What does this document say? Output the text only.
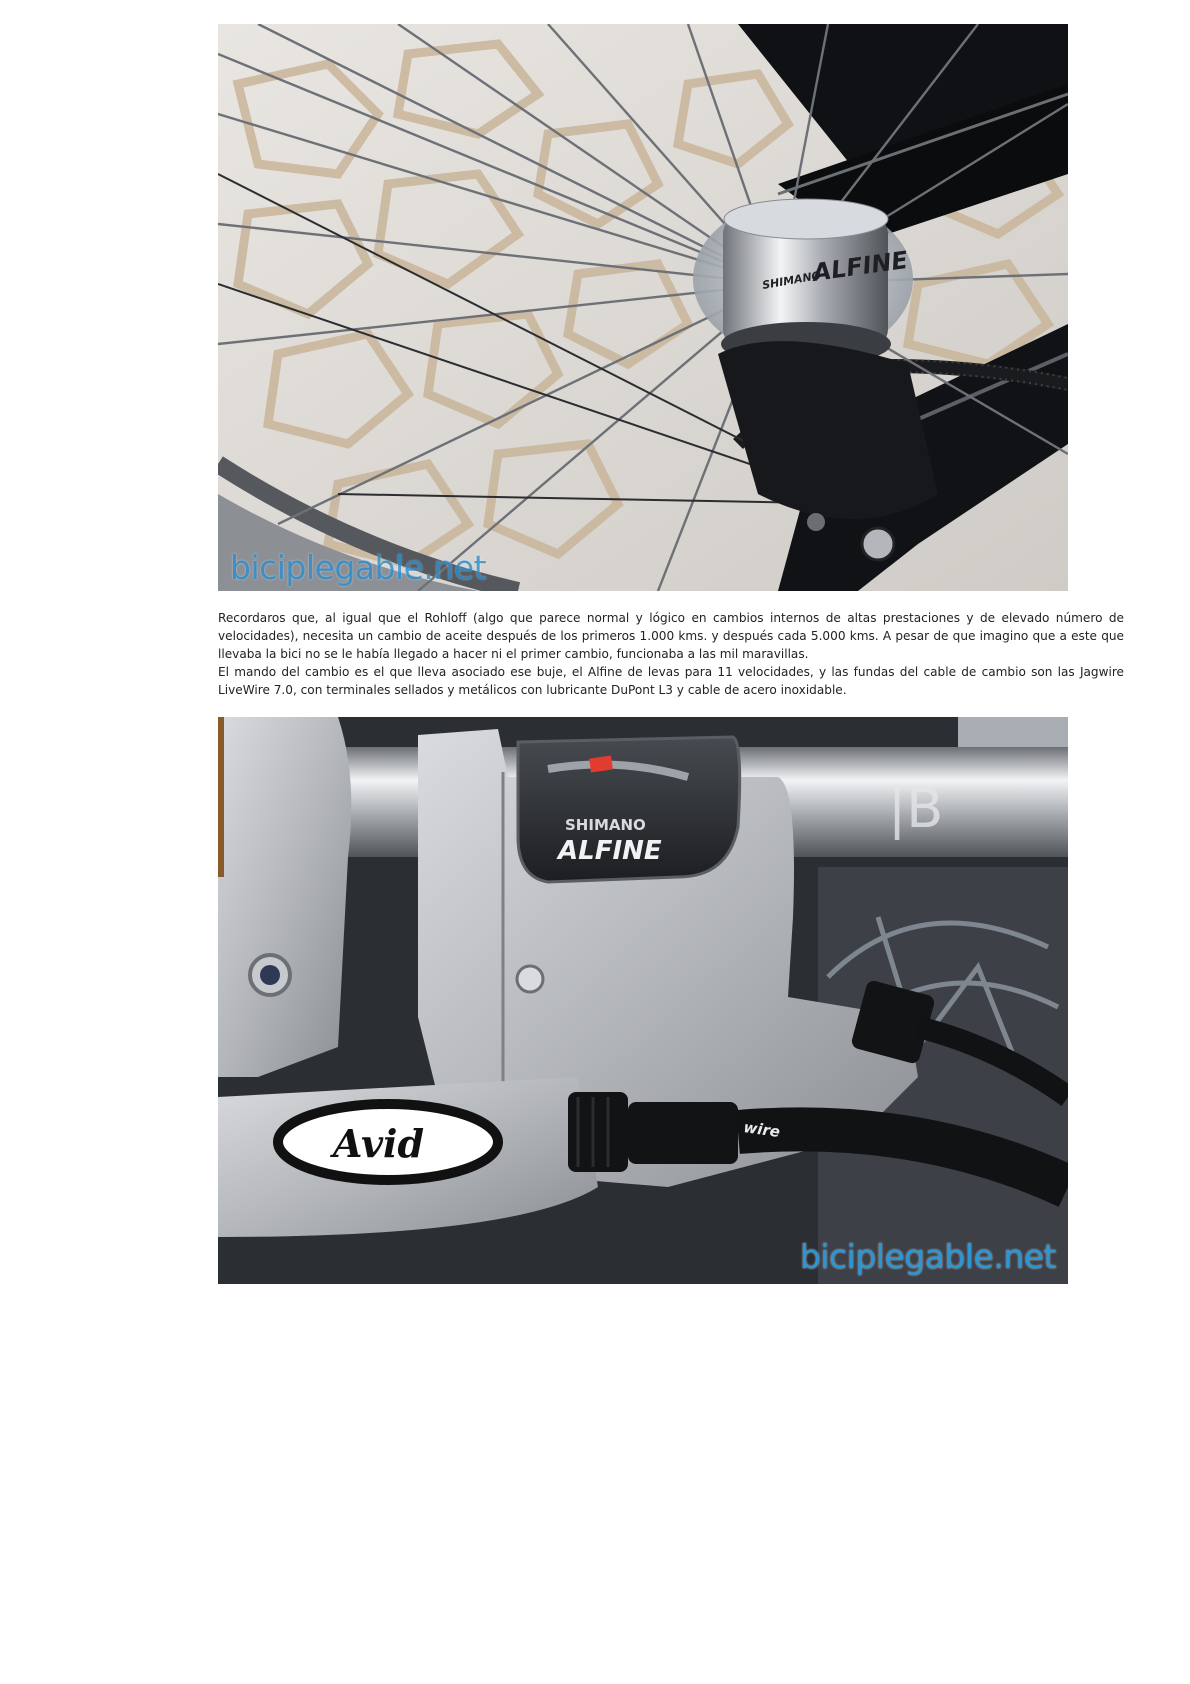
SHIMANO
ALFINE
biciplegable.net

Recordaros que, al igual que el Rohloff (algo que parece normal y lógico en cambios internos de altas prestaciones y de elevado número de velocidades), necesita un cambio de aceite después de los primeros 1.000 kms. y después cada 5.000 kms. A pesar de que imagino que a este que llevaba la bici no se le había llegado a hacer ni el primer cambio, funcionaba a las mil maravillas.

El mando del cambio es el que lleva asociado ese buje, el Alfine de levas para 11 velocidades, y las fundas del cable de cambio son las Jagwire LiveWire 7.0, con terminales sellados y metálicos con lubricante DuPont L3 y cable de acero inoxidable.

|B
SHIMANO
ALFINE
Avid	wire
biciplegable.net
